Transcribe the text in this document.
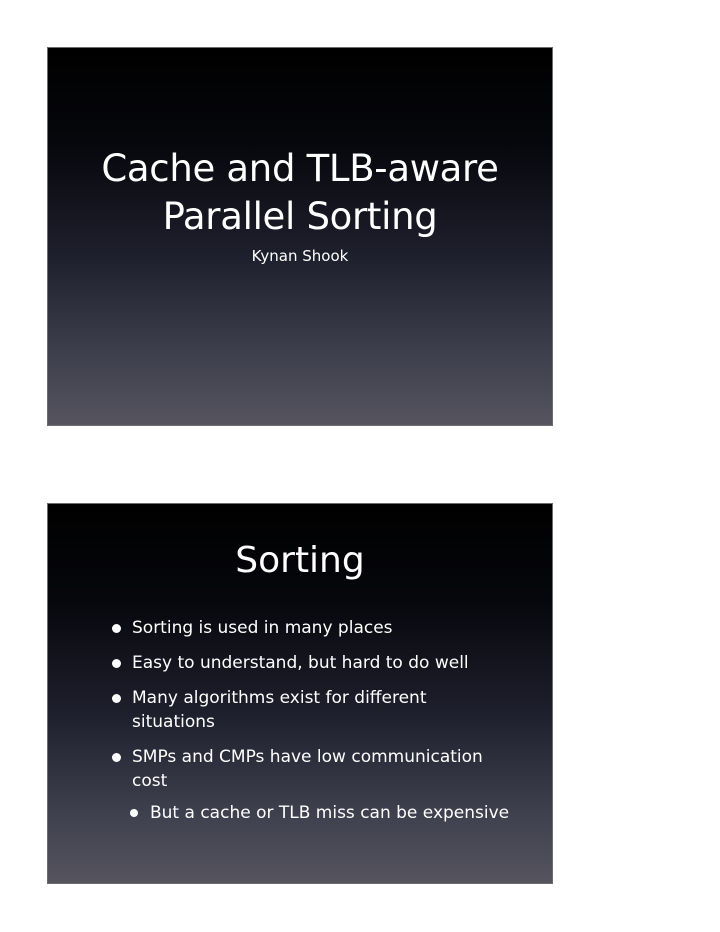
Cache and TLB-aware
Parallel Sorting

Kynan Shook

Sorting
Sorting is used in many places
Easy to understand, but hard to do well
Many algorithms exist for different situations
SMPs and CMPs have low communication cost
But a cache or TLB miss can be expensive
